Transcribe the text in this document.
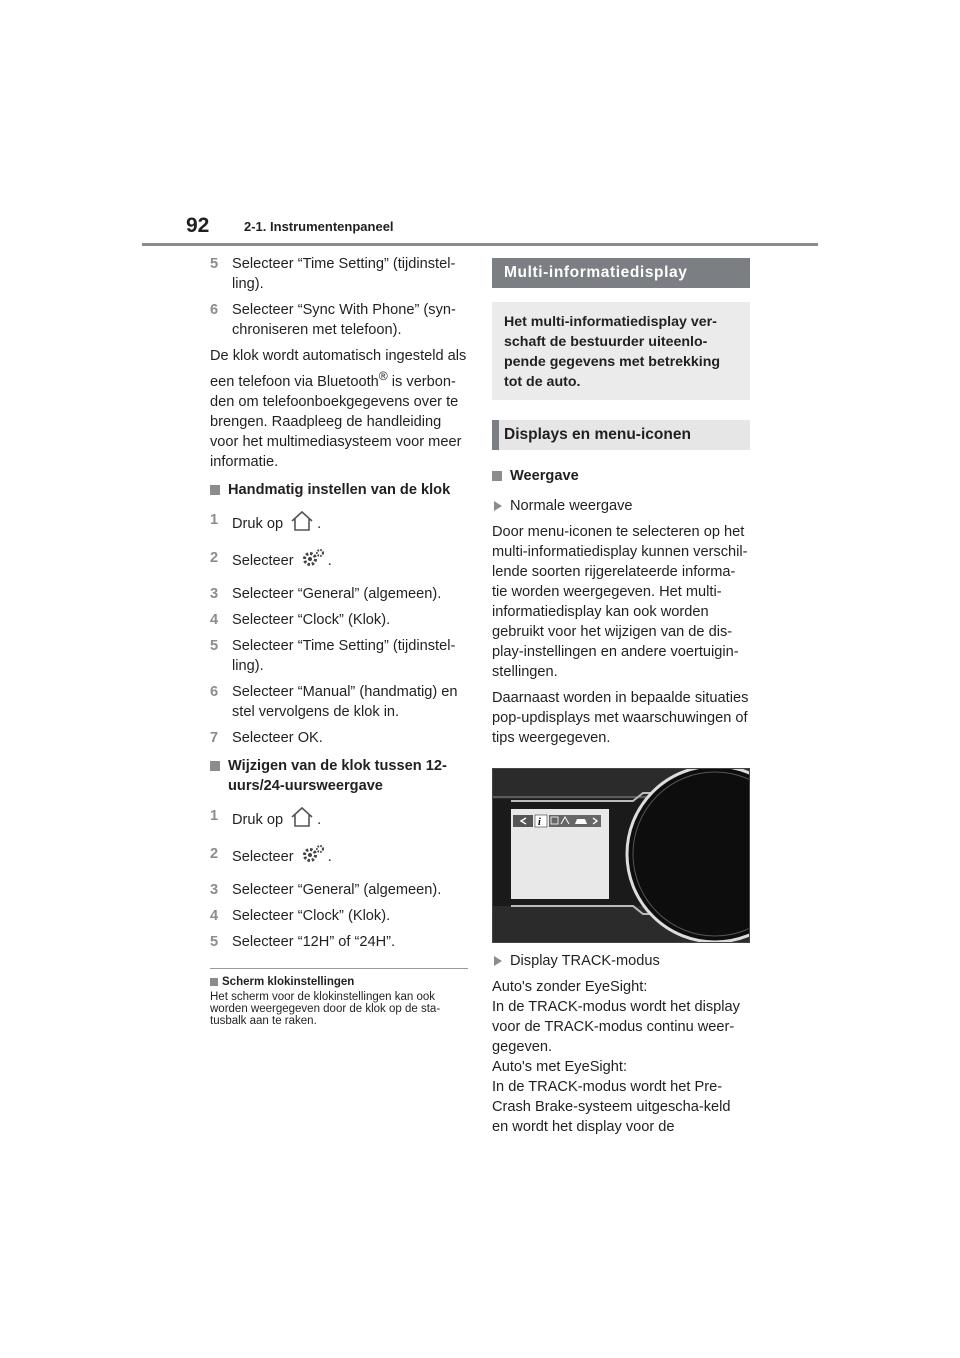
92	2-1. Instrumentenpaneel
5 Selecteer “Time Setting” (tijdinstel-ling).
6 Selecteer “Sync With Phone” (syn-chroniseren met telefoon).

De klok wordt automatisch ingesteld als een telefoon via Bluetooth® is verbon-den om telefoonboekgegevens over te brengen. Raadpleeg de handleiding voor het multimediasysteem voor meer informatie.

Handmatig instellen van de klok
1 Druk op .
2 Selecteer .
3 Selecteer “General” (algemeen).
4 Selecteer “Clock” (Klok).
5 Selecteer “Time Setting” (tijdinstel-ling).
6 Selecteer “Manual” (handmatig) en stel vervolgens de klok in.
7 Selecteer OK.
Wijzigen van de klok tussen 12-uurs/24-uursweergave
1 Druk op .
2 Selecteer .
3 Selecteer “General” (algemeen).
4 Selecteer “Clock” (Klok).
5 Selecteer “12H” of “24H”.
Scherm klokinstellingen
Het scherm voor de klokinstellingen kan ook worden weergegeven door de klok op de sta-tusbalk aan te raken.
Multi-informatiedisplay
Het multi-informatiedisplay ver-schaft de bestuurder uiteenlo-pende gegevens met betrekking tot de auto.
Displays en menu-iconen
Weergave
Normale weergave

Door menu-iconen te selecteren op het multi-informatiedisplay kunnen verschil-lende soorten rijgerelateerde informa-tie worden weergegeven. Het multi-informatiedisplay kan ook worden gebruikt voor het wijzigen van de dis-play-instellingen en andere voertuigin-stellingen.

Daarnaast worden in bepaalde situaties pop-updisplays met waarschuwingen of tips weergegeven.

i
Display TRACK-modus
Auto's zonder EyeSight:
In de TRACK-modus wordt het display voor de TRACK-modus continu weer-gegeven.
Auto's met EyeSight:
In de TRACK-modus wordt het Pre-Crash Brake-systeem uitgescha-keld en wordt het display voor de
